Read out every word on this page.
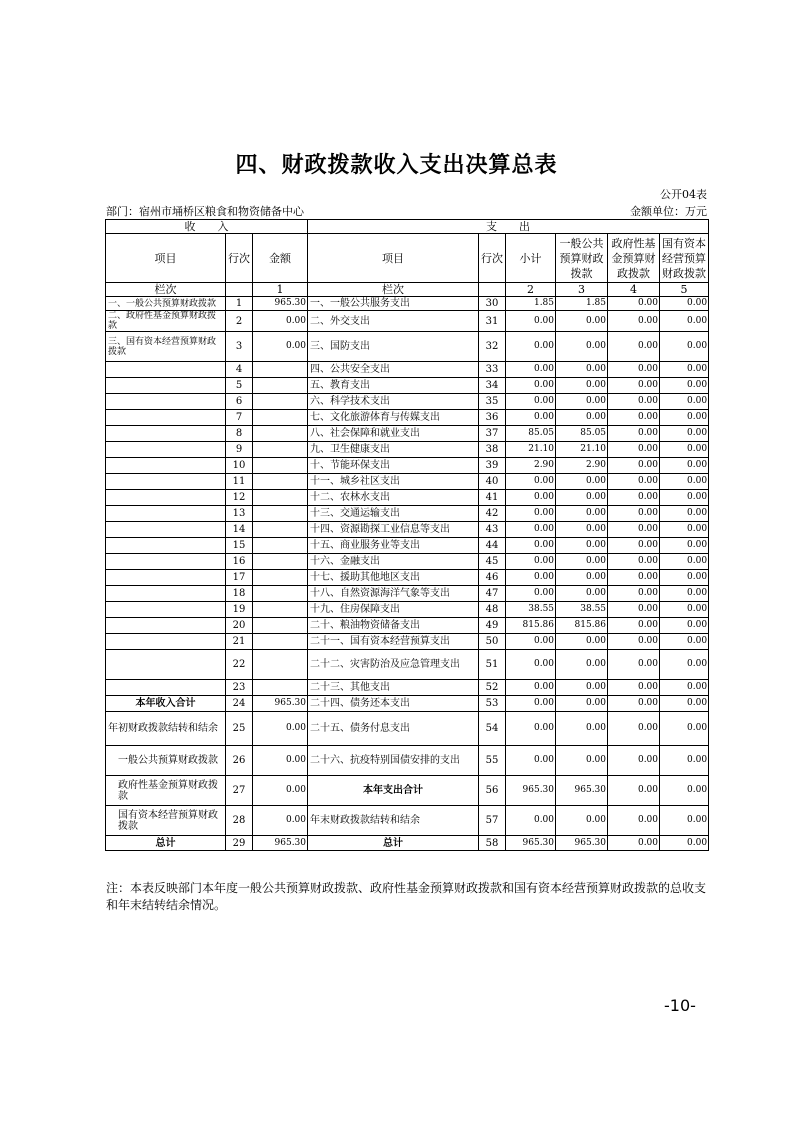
四、财政拨款收入支出决算总表
公开04表
部门：宿州市埇桥区粮食和物资储备中心	金额单位：万元
收　　入			支　　出					
项目	行次	金额	项目	行次	小计	一般公共预算财政拨款	政府性基金预算财政拨款	国有资本经营预算财政拨款
栏次		1	栏次		2	3	4	5
一、一般公共预算财政拨款	1	965.30	一、一般公共服务支出	30	1.85	1.85	0.00	0.00
二、政府性基金预算财政拨款	2	0.00	二、外交支出	31	0.00	0.00	0.00	0.00
三、国有资本经营预算财政拨款	3	0.00	三、国防支出	32	0.00	0.00	0.00	0.00
	4		四、公共安全支出	33	0.00	0.00	0.00	0.00
	5		五、教育支出	34	0.00	0.00	0.00	0.00
	6		六、科学技术支出	35	0.00	0.00	0.00	0.00
	7		七、文化旅游体育与传媒支出	36	0.00	0.00	0.00	0.00
	8		八、社会保障和就业支出	37	85.05	85.05	0.00	0.00
	9		九、卫生健康支出	38	21.10	21.10	0.00	0.00
	10		十、节能环保支出	39	2.90	2.90	0.00	0.00
	11		十一、城乡社区支出	40	0.00	0.00	0.00	0.00
	12		十二、农林水支出	41	0.00	0.00	0.00	0.00
	13		十三、交通运输支出	42	0.00	0.00	0.00	0.00
	14		十四、资源勘探工业信息等支出	43	0.00	0.00	0.00	0.00
	15		十五、商业服务业等支出	44	0.00	0.00	0.00	0.00
	16		十六、金融支出	45	0.00	0.00	0.00	0.00
	17		十七、援助其他地区支出	46	0.00	0.00	0.00	0.00
	18		十八、自然资源海洋气象等支出	47	0.00	0.00	0.00	0.00
	19		十九、住房保障支出	48	38.55	38.55	0.00	0.00
	20		二十、粮油物资储备支出	49	815.86	815.86	0.00	0.00
	21		二十一、国有资本经营预算支出	50	0.00	0.00	0.00	0.00
	22		二十二、灾害防治及应急管理支出	51	0.00	0.00	0.00	0.00
	23		二十三、其他支出	52	0.00	0.00	0.00	0.00
本年收入合计	24	965.30	二十四、债务还本支出	53	0.00	0.00	0.00	0.00
年初财政拨款结转和结余	25	0.00	二十五、债务付息支出	54	0.00	0.00	0.00	0.00
一般公共预算财政拨款	26	0.00	二十六、抗疫特别国债安排的支出	55	0.00	0.00	0.00	0.00
政府性基金预算财政拨款	27	0.00	本年支出合计	56	965.30	965.30	0.00	0.00
国有资本经营预算财政拨款	28	0.00	年末财政拨款结转和结余	57	0.00	0.00	0.00	0.00
总计	29	965.30	总计	58	965.30	965.30	0.00	0.00
注：本表反映部门本年度一般公共预算财政拨款、政府性基金预算财政拨款和国有资本经营预算财政拨款的总收支和年末结转结余情况。
-10-
